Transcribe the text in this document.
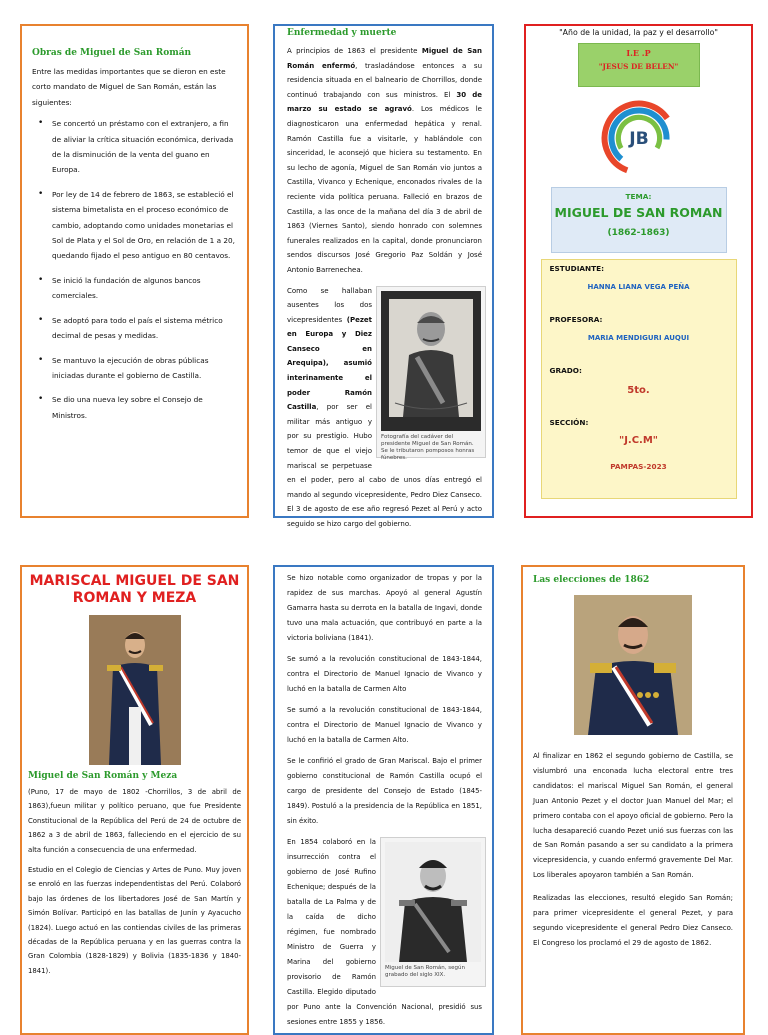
Obras de Miguel de San Román

Entre las medidas importantes que se dieron en este corto mandato de Miguel de San Román, están las siguientes:

• Se concertó un préstamo con el extranjero, a fin de aliviar la crítica situación económica, derivada de la disminución de la venta del guano en Europa.
• Por ley de 14 de febrero de 1863, se estableció el sistema bimetalista en el proceso económico de cambio, adoptando como unidades monetarias el Sol de Plata y el Sol de Oro, en relación de 1 a 20, quedando fijado el peso antiguo en 80 centavos.
• Se inició la fundación de algunos bancos comerciales.
• Se adoptó para todo el país el sistema métrico decimal de pesas y medidas.
• Se mantuvo la ejecución de obras públicas iniciadas durante el gobierno de Castilla.
• Se dio una nueva ley sobre el Consejo de Ministros.
Enfermedad y muerte

A principios de 1863 el presidente Miguel de San Román enfermó, trasladándose entonces a su residencia situada en el balneario de Chorrillos, donde continuó trabajando con sus ministros. El 30 de marzo su estado se agravó. Los médicos le diagnosticaron una enfermedad hepática y renal. Ramón Castilla fue a visitarle, y hablándole con sinceridad, le aconsejó que hiciera su testamento. En su lecho de agonía, Miguel de San Román vio juntos a Castilla, Vivanco y Echenique, enconados rivales de la reciente vida política peruana. Falleció en brazos de Castilla, a las once de la mañana del día 3 de abril de 1863 (Viernes Santo), siendo honrado con solemnes funerales realizados en la capital, donde pronunciaron sendos discursos José Gregorio Paz Soldán y José Antonio Barrenechea.

Fotografía del cadáver del presidente Miguel de San Román. Se le tributaron pomposos honras fúnebres.

Como se hallaban ausentes los dos vicepresidentes (Pezet en Europa y Diez Canseco en Arequipa), asumió interinamente el poder Ramón Castilla, por ser el militar más antiguo y por su prestigio. Hubo temor de que el viejo mariscal se perpetuase en el poder, pero al cabo de unos días entregó el mando al segundo vicepresidente, Pedro Diez Canseco. El 3 de agosto de ese año regresó Pezet al Perú y acto seguido se hizo cargo del gobierno.

"Año de la unidad, la paz y el desarrollo"
I.E .P
"JESUS DE BELEN"
JB
TEMA:
MIGUEL DE SAN ROMAN
(1862-1863)
ESTUDIANTE:
HANNA LIANA VEGA PEÑA
PROFESORA:
MARIA MENDIGURI AUQUI
GRADO:
5to.
SECCIÓN:
"J.C.M"
PAMPAS-2023
MARISCAL MIGUEL DE SAN ROMAN Y MEZA
Miguel de San Román y Meza

(Puno, 17 de mayo de 1802 -Chorrillos, 3 de abril de 1863),fueun militar y político peruano, que fue Presidente Constitucional de la República del Perú de 24 de octubre de 1862 a 3 de abril de 1863, falleciendo en el ejercicio de su alta función a consecuencia de una enfermedad.

Estudio en el Colegio de Ciencias y Artes de Puno. Muy joven se enroló en las fuerzas independentistas del Perú. Colaboró bajo las órdenes de los libertadores José de San Martín y Simón Bolívar. Participó en las batallas de Junín y Ayacucho (1824). Luego actuó en las contiendas civiles de las primeras décadas de la República peruana y en las guerras contra la Gran Colombia (1828-1829) y Bolivia (1835-1836 y 1840-1841).

Se hizo notable como organizador de tropas y por la rapidez de sus marchas. Apoyó al general Agustín Gamarra hasta su derrota en la batalla de Ingavi, donde tuvo una mala actuación, que contribuyó en parte a la victoria boliviana (1841).

Se sumó a la revolución constitucional de 1843-1844, contra el Directorio de Manuel Ignacio de Vivanco y luchó en la batalla de Carmen Alto

Se sumó a la revolución constitucional de 1843-1844, contra el Directorio de Manuel Ignacio de Vivanco y luchó en la batalla de Carmen Alto.

Se le confirió el grado de Gran Mariscal. Bajo el primer gobierno constitucional de Ramón Castilla ocupó el cargo de presidente del Consejo de Estado (1845-1849). Postuló a la presidencia de la República en 1851, sin éxito.

Miguel de San Román, según grabado del siglo XIX.

En 1854 colaboró en la insurrección contra el gobierno de José Rufino Echenique; después de la batalla de La Palma y de la caída de dicho régimen, fue nombrado Ministro de Guerra y Marina del gobierno provisorio de Ramón Castilla. Elegido diputado por Puno ante la Convención Nacional, presidió sus sesiones entre 1855 y 1856.

Las elecciones de 1862

Al finalizar en 1862 el segundo gobierno de Castilla, se vislumbró una enconada lucha electoral entre tres candidatos: el mariscal Miguel San Román, el general Juan Antonio Pezet y el doctor Juan Manuel del Mar; el primero contaba con el apoyo oficial de gobierno. Pero la lucha desapareció cuando Pezet unió sus fuerzas con las de San Román pasando a ser su candidato a la primera vicepresidencia, y cuando enfermó gravemente Del Mar. Los liberales apoyaron también a San Román.

Realizadas las elecciones, resultó elegido San Román; para primer vicepresidente el general Pezet, y para segundo vicepresidente el general Pedro Diez Canseco. El Congreso los proclamó el 29 de agosto de 1862.
